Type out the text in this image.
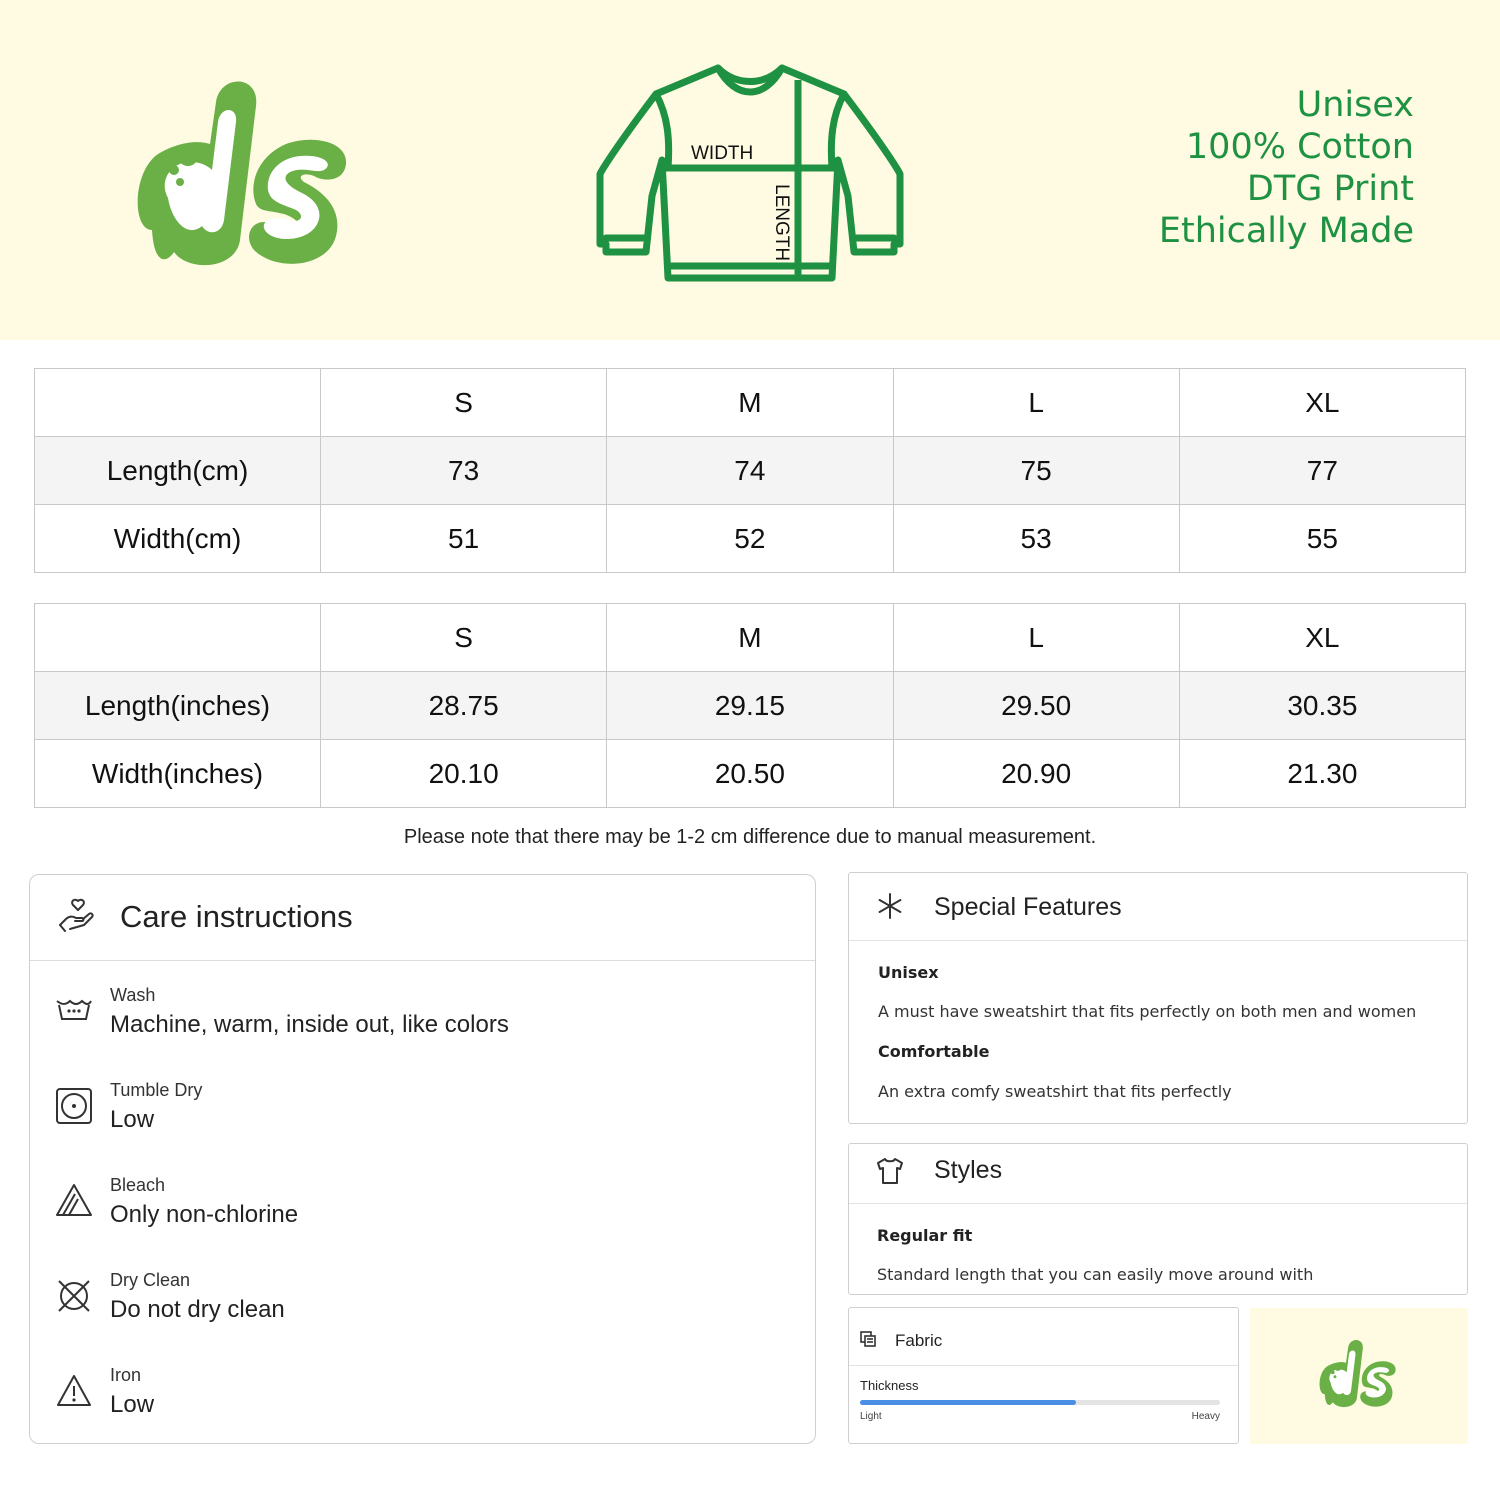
WIDTH
LENGTH
Unisex
100% Cotton
DTG Print
Ethically Made
	S	M	L	XL
Length(cm)	73	74	75	77
Width(cm)	51	52	53	55
	S	M	L	XL
Length(inches)	28.75	29.15	29.50	30.35
Width(inches)	20.10	20.50	20.90	21.30
Please note that there may be 1-2 cm difference due to manual measurement.
Care instructions
Wash
Machine, warm, inside out, like colors
Tumble Dry
Low
Bleach
Only non-chlorine
Dry Clean
Do not dry clean
Iron
Low
Special Features
Unisex
A must have sweatshirt that fits perfectly on both men and women
Comfortable
An extra comfy sweatshirt that fits perfectly
Styles
Regular fit
Standard length that you can easily move around with
Fabric
Thickness
Light	Heavy
